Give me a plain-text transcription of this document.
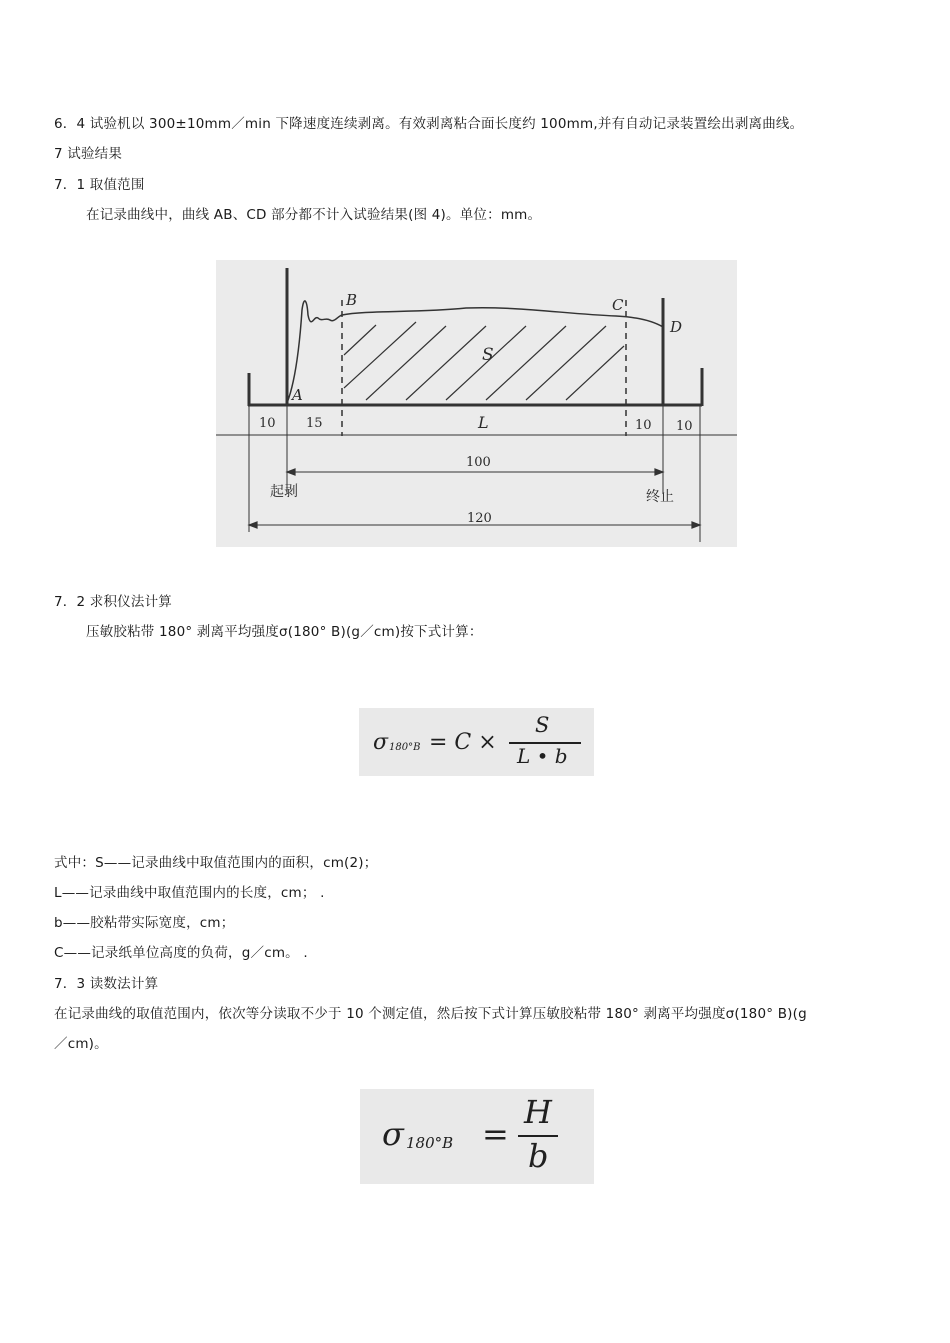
6．4 试验机以 300±10mm／min 下降速度连续剥离。有效剥离粘合面长度约 100mm,并有自动记录装置绘出剥离曲线。
7 试验结果
7．1 取值范围
在记录曲线中，曲线 AB、CD 部分都不计入试验结果(图 4)。单位：mm。
A
B	C
D
S
L
10 15	10 10
100
120
起剥	终止
7．2 求积仪法计算
压敏胶粘带 180° 剥离平均强度σ(180° B)(g／cm)按下式计算：
σ 180°B = C ×
S
L • b
式中：S——记录曲线中取值范围内的面积，cm(2)；
L——记录曲线中取值范围内的长度，cm； .
b——胶粘带实际宽度，cm；
C——记录纸单位高度的负荷，g／cm。 .
7．3 读数法计算
在记录曲线的取值范围内，依次等分读取不少于 10 个测定值，然后按下式计算压敏胶粘带 180° 剥离平均强度σ(180° B)(g
／cm)。
σ 180°B =
H
b
